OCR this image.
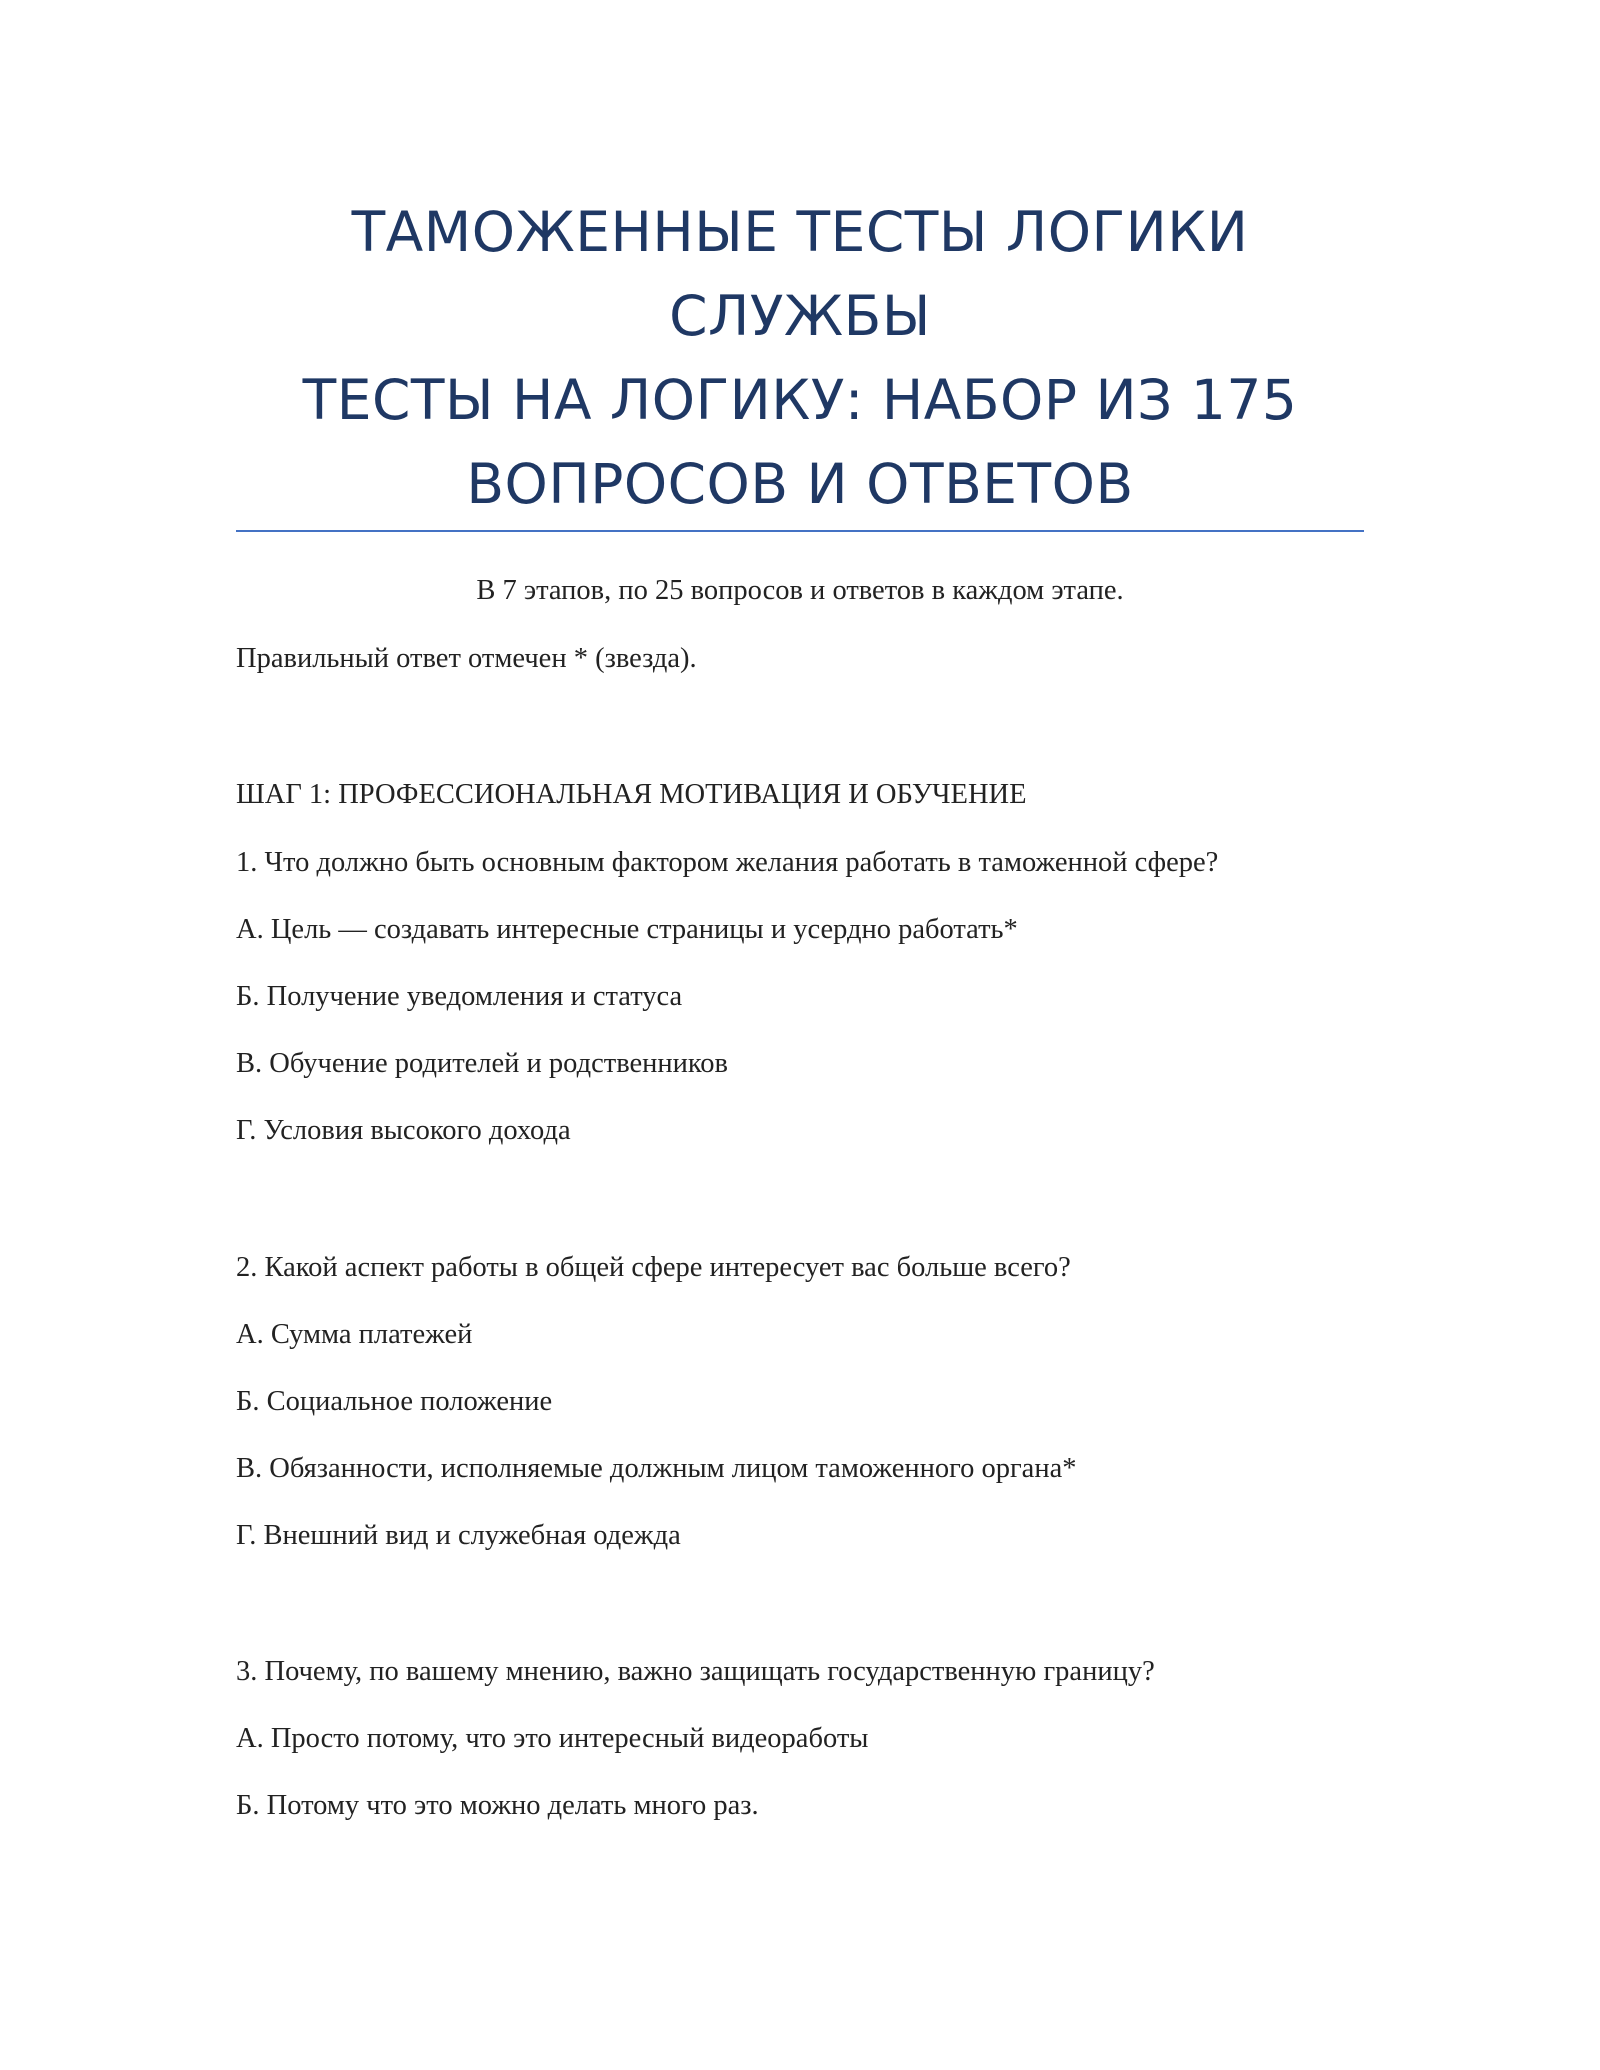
ТАМОЖЕННЫЕ ТЕСТЫ ЛОГИКИ
СЛУЖБЫ
ТЕСТЫ НА ЛОГИКУ: НАБОР ИЗ 175
ВОПРОСОВ И ОТВЕТОВ
В 7 этапов, по 25 вопросов и ответов в каждом этапе.
Правильный ответ отмечен * (звезда).
ШАГ 1: ПРОФЕССИОНАЛЬНАЯ МОТИВАЦИЯ И ОБУЧЕНИЕ
1. Что должно быть основным фактором желания работать в таможенной сфере?
А. Цель — создавать интересные страницы и усердно работать*
Б. Получение уведомления и статуса
В. Обучение родителей и родственников
Г. Условия высокого дохода
2. Какой аспект работы в общей сфере интересует вас больше всего?
А. Сумма платежей
Б. Социальное положение
В. Обязанности, исполняемые должным лицом таможенного органа*
Г. Внешний вид и служебная одежда
3. Почему, по вашему мнению, важно защищать государственную границу?
А. Просто потому, что это интересный видеоработы
Б. Потому что это можно делать много раз.
